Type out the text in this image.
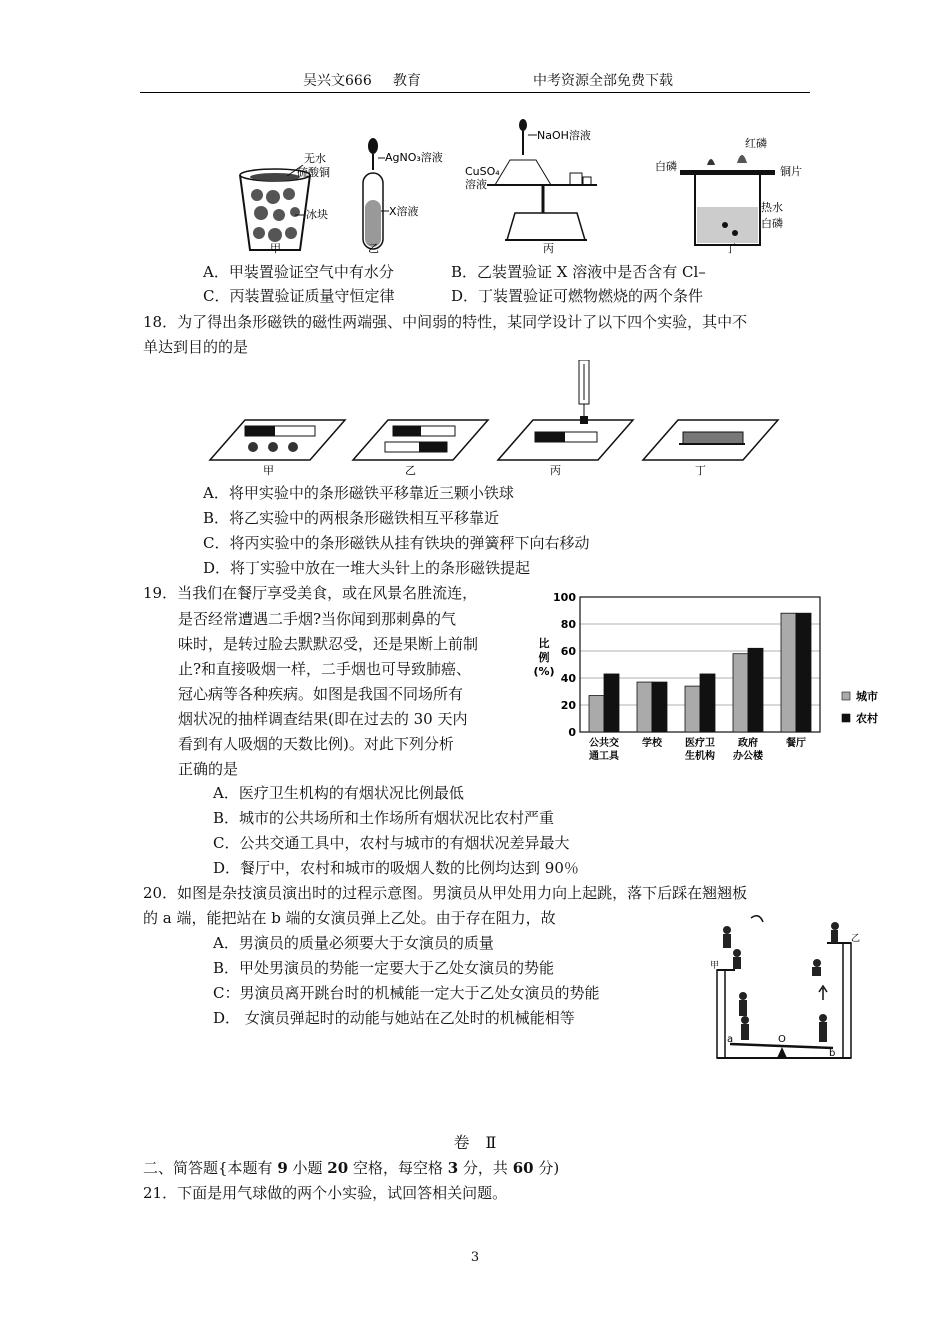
吴兴文666 教育	中考资源全部免费下载
无水
硫酸铜
冰块
甲
AgNO₃溶液
X溶液
乙
NaOH溶液
CuSO₄
溶液
丙
红磷
白磷	铜片
热水
白磷
丁
A．甲装置验证空气中有水分	B．乙装置验证 X 溶液中是否含有 Cl–
C．丙装置验证质量守恒定律	D．丁装置验证可燃物燃烧的两个条件
18．为了得出条形磁铁的磁性两端强、中间弱的特性，某同学设计了以下四个实验，其中不
单达到目的的是
甲	乙	丙	丁
A．将甲实验中的条形磁铁平移靠近三颗小铁球
B．将乙实验中的两根条形磁铁相互平移靠近
C．将丙实验中的条形磁铁从挂有铁块的弹簧秤下向右移动
D．将丁实验中放在一堆大头针上的条形磁铁提起
19．当我们在餐厅享受美食，或在风景名胜流连，
是否经常遭遇二手烟?当你闻到那刺鼻的气
味时，是转过脸去默默忍受，还是果断上前制
止?和直接吸烟一样，二手烟也可导致肺癌、
冠心病等各种疾病。如图是我国不同场所有
烟状况的抽样调查结果(即在过去的 30 天内
看到有人吸烟的天数比例)。对此下列分析
正确的是
0
20
40
60
80
100
比
例
(%)
公共交
通工具
学校 医疗卫
生机构
政府
办公楼
餐厅
城市
农村
A．医疗卫生机构的有烟状况比例最低
B．城市的公共场所和土作场所有烟状况比农村严重
C．公共交通工具中，农村与城市的有烟状况差异最大
D．餐厅中，农村和城市的吸烟人数的比例均达到 90％
20．如图是杂技演员演出时的过程示意图。男演员从甲处用力向上起跳，落下后踩在翘翘板
的 a 端，能把站在 b 端的女演员弹上乙处。由于存在阻力，故
A．男演员的质量必须要大于女演员的质量
B．甲处男演员的势能一定要大于乙处女演员的势能
C：男演员离开跳台时的机械能一定大于乙处女演员的势能
D． 女演员弹起时的动能与她站在乙处时的机械能相等
甲
乙
a	O
b
卷　Ⅱ
二、简答题{本题有 9 小题 20 空格，每空格 3 分，共 60 分)
21．下面是用气球做的两个小实验，试回答相关问题。
3
